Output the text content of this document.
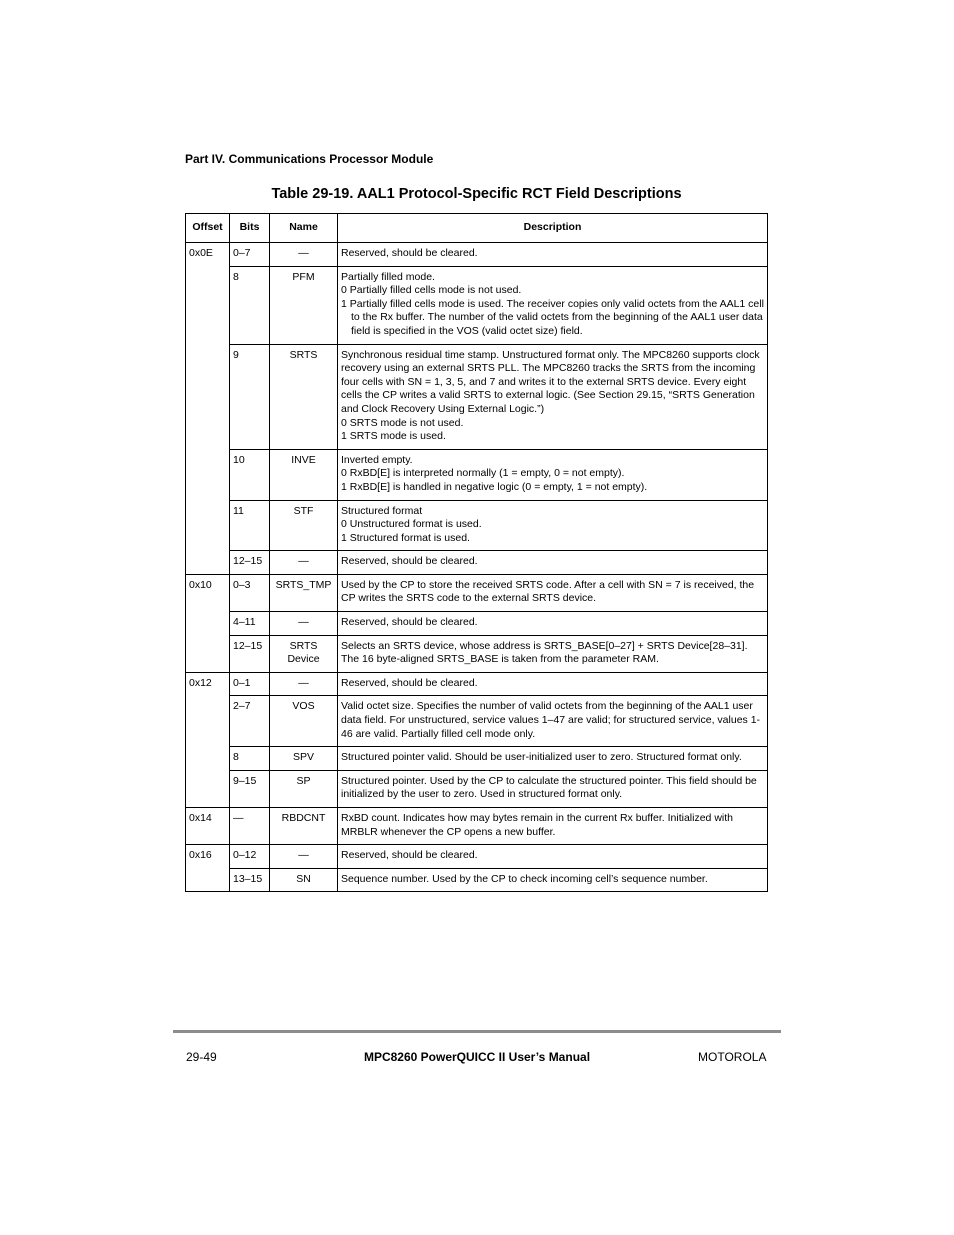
Part IV. Communications Processor Module
Table 29-19. AAL1 Protocol-Specific RCT Field Descriptions
Offset	Bits	Name	Description
0x0E	0–7	—	Reserved, should be cleared.

	8	PFM	Partially filled mode.
0 Partially filled cells mode is not used.
1 Partially filled cells mode is used. The receiver copies only valid octets from the AAL1 cell to the Rx buffer. The number of the valid octets from the beginning of the AAL1 user data field is specified in the VOS (valid octet size) field.

	9	SRTS	Synchronous residual time stamp. Unstructured format only. The MPC8260 supports clock recovery using an external SRTS PLL. The MPC8260 tracks the SRTS from the incoming four cells with SN = 1, 3, 5, and 7 and writes it to the external SRTS device. Every eight cells the CP writes a valid SRTS to external logic. (See Section 29.15, “SRTS Generation and Clock Recovery Using External Logic.”)
0 SRTS mode is not used.
1 SRTS mode is used.

	10	INVE	Inverted empty.
0 RxBD[E] is interpreted normally (1 = empty, 0 = not empty).
1 RxBD[E] is handled in negative logic (0 = empty, 1 = not empty).

	11	STF	Structured format
0 Unstructured format is used.
1 Structured format is used.

	12–15	—	Reserved, should be cleared.

0x10	0–3	SRTS_TMP	Used by the CP to store the received SRTS code. After a cell with SN = 7 is received, the CP writes the SRTS code to the external SRTS device.

	4–11	—	Reserved, should be cleared.

	12–15	SRTS Device	Selects an SRTS device, whose address is SRTS_BASE[0–27] + SRTS Device[28–31]. The 16 byte-aligned SRTS_BASE is taken from the parameter RAM.

0x12	0–1	—	Reserved, should be cleared.

	2–7	VOS	Valid octet size. Specifies the number of valid octets from the beginning of the AAL1 user data field. For unstructured, service values 1–47 are valid; for structured service, values 1-46 are valid. Partially filled cell mode only.

	8	SPV	Structured pointer valid. Should be user-initialized user to zero. Structured format only.

	9–15	SP	Structured pointer. Used by the CP to calculate the structured pointer. This field should be initialized by the user to zero. Used in structured format only.

0x14	—	RBDCNT	RxBD count. Indicates how may bytes remain in the current Rx buffer. Initialized with MRBLR whenever the CP opens a new buffer.

0x16	0–12	—	Reserved, should be cleared.

	13–15	SN	Sequence number. Used by the CP to check incoming cell’s sequence number.
29-49	MPC8260 PowerQUICC II User’s Manual	MOTOROLA
